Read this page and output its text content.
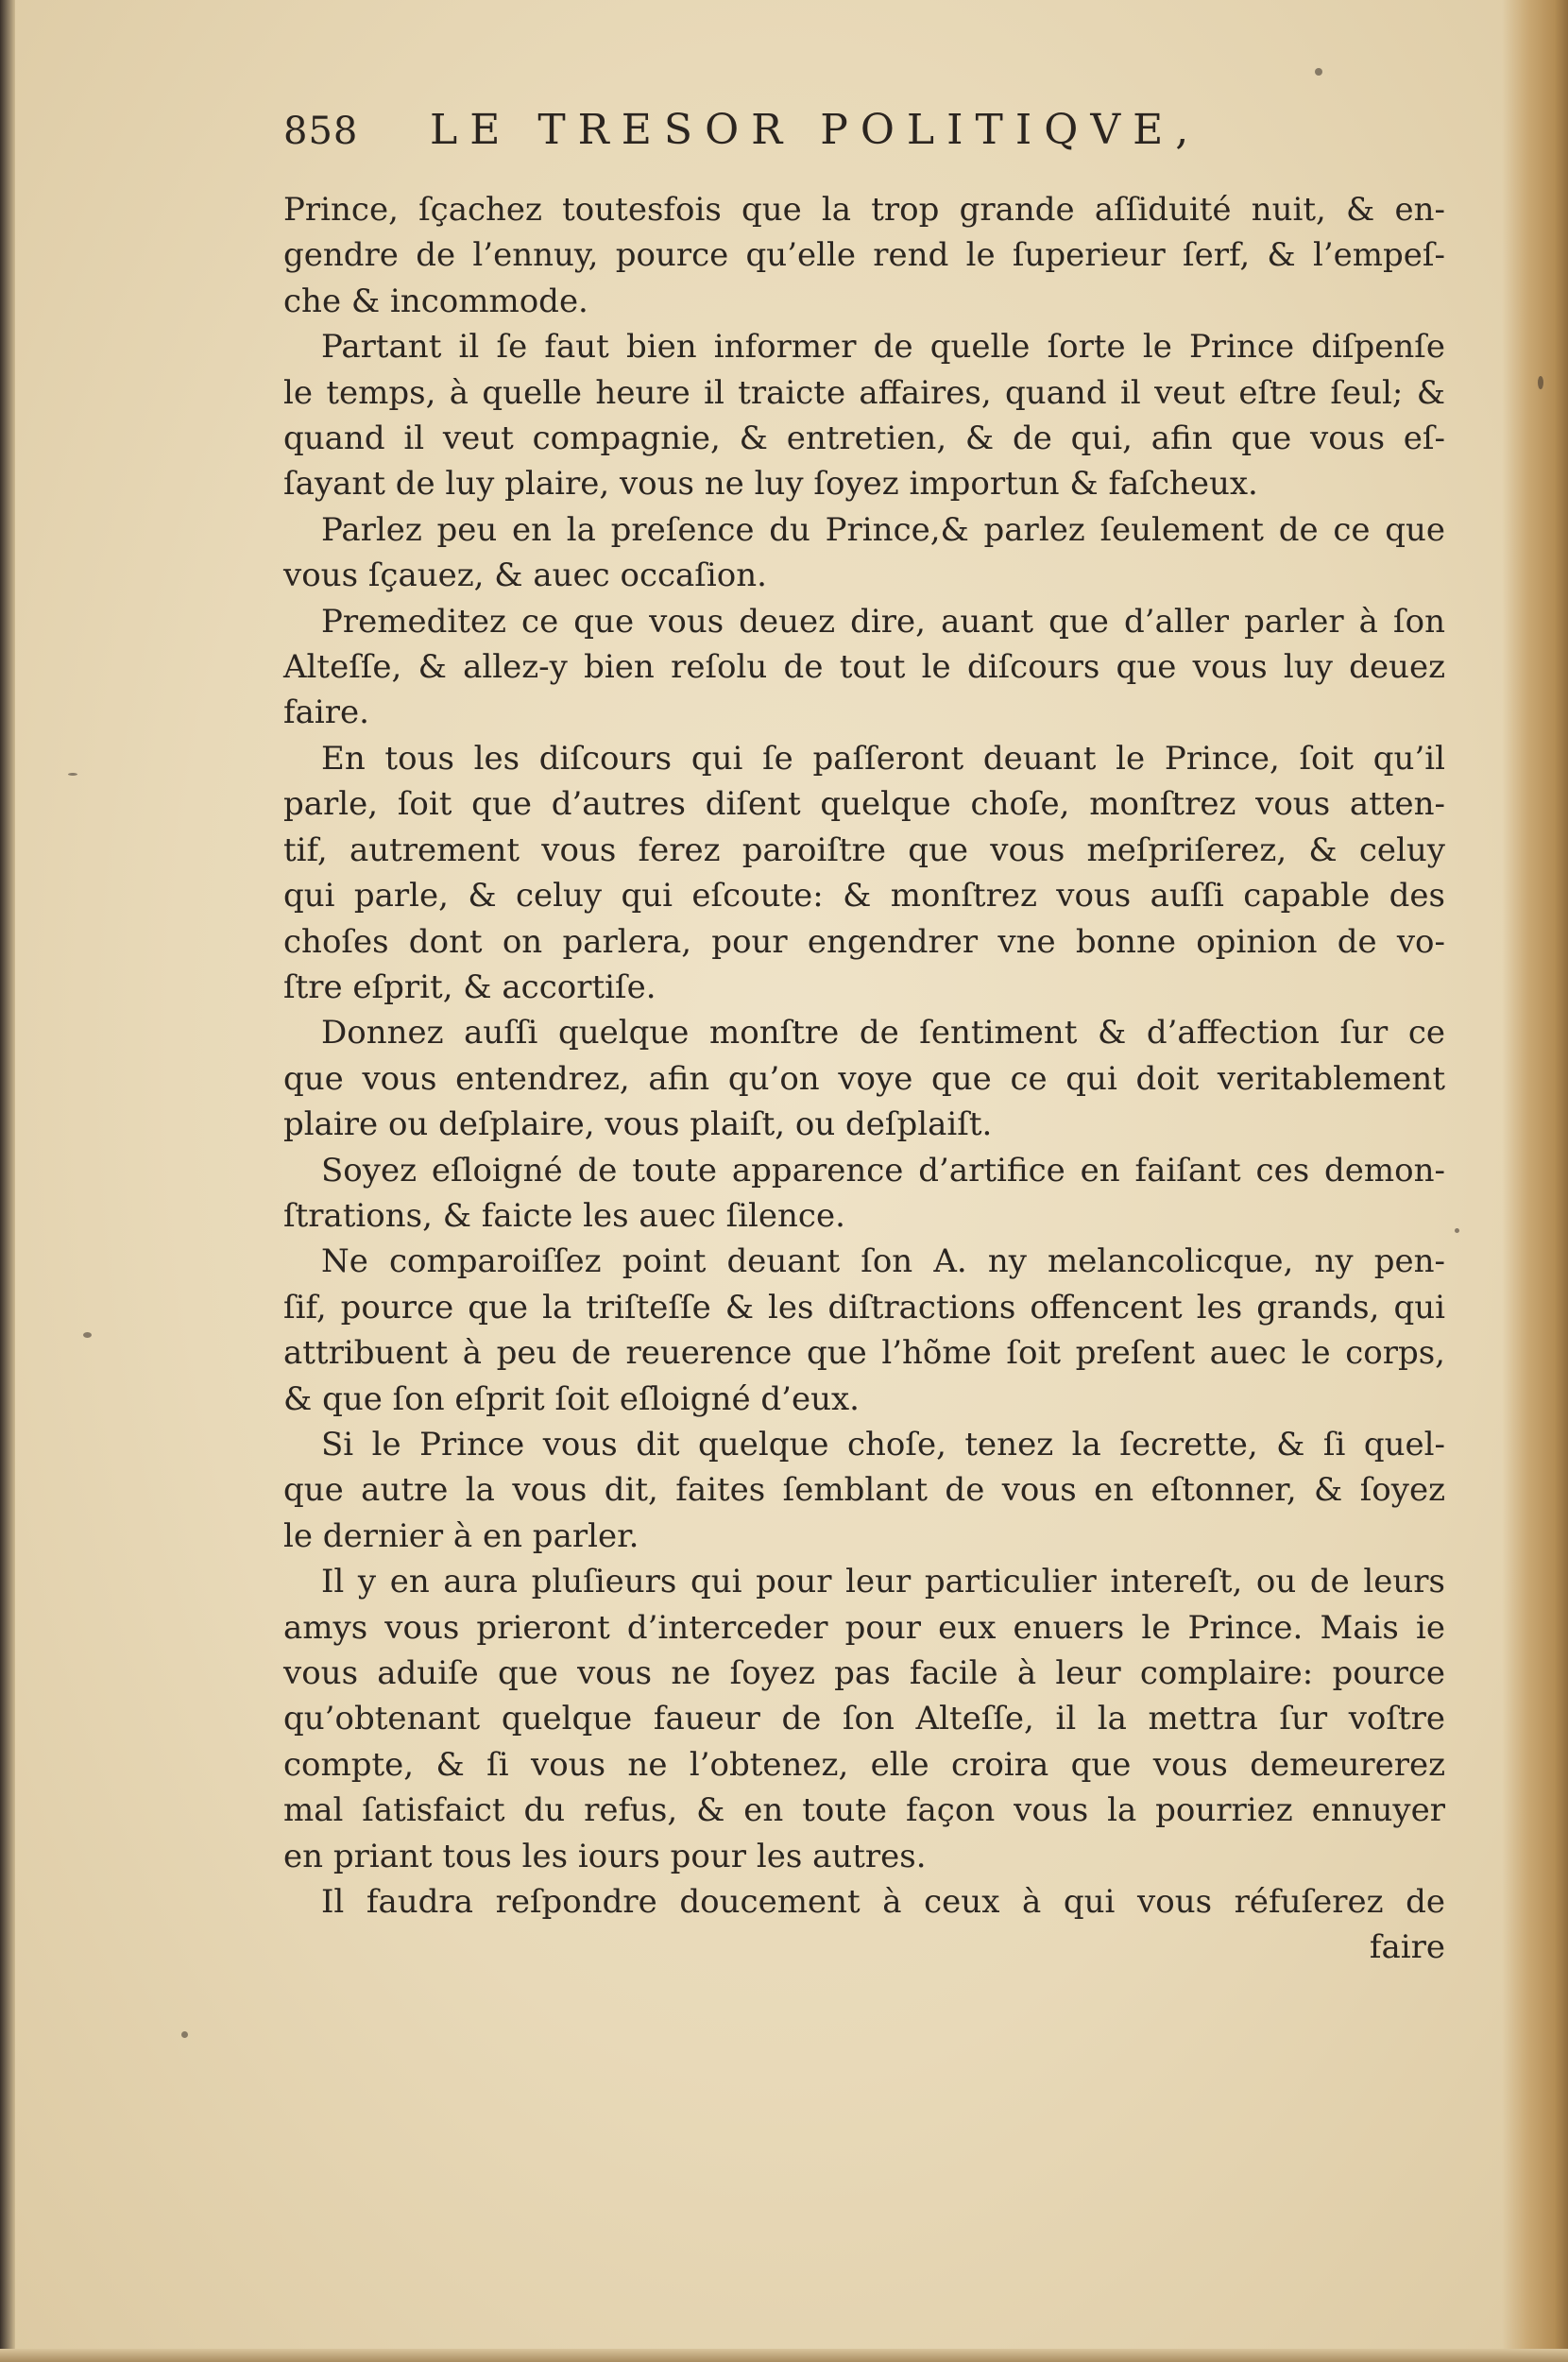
858	LE TRESOR POLITIQVE,
Prince, ſçachez toutesfois que la trop grande aſſiduité nuit, & en-
gendre de l’ennuy, pource qu’elle rend le ſuperieur ſerf, & l’empeſ-
che & incommode.
Partant il ſe faut bien informer de quelle ſorte le Prince diſpenſe
le temps, à quelle heure il traicte affaires, quand il veut eſtre ſeul; &
quand il veut compagnie, & entretien, & de qui, afin que vous eſ-
ſayant de luy plaire, vous ne luy ſoyez importun & faſcheux.
Parlez peu en la preſence du Prince,& parlez ſeulement de ce que
vous ſçauez, & auec occaſion.
Premeditez ce que vous deuez dire, auant que d’aller parler à ſon
Alteſſe, & allez-y bien reſolu de tout le diſcours que vous luy deuez
faire.
En tous les diſcours qui ſe paſſeront deuant le Prince, ſoit qu’il
parle, ſoit que d’autres diſent quelque choſe, monſtrez vous atten-
tif, autrement vous ferez paroiſtre que vous meſpriſerez, & celuy
qui parle, & celuy qui eſcoute: & monſtrez vous auſſi capable des
choſes dont on parlera, pour engendrer vne bonne opinion de vo-
ſtre eſprit, & accortiſe.
Donnez auſſi quelque monſtre de ſentiment & d’affection ſur ce
que vous entendrez, afin qu’on voye que ce qui doit veritablement
plaire ou deſplaire, vous plaiſt, ou deſplaiſt.
Soyez eſloigné de toute apparence d’artifice en faiſant ces demon-
ſtrations, & faicte les auec ſilence.
Ne comparoiſſez point deuant ſon A. ny melancolicque, ny pen-
ſif, pource que la triſteſſe & les diſtractions offencent les grands, qui
attribuent à peu de reuerence que l’hõme ſoit preſent auec le corps,
& que ſon eſprit ſoit eſloigné d’eux.
Si le Prince vous dit quelque choſe, tenez la ſecrette, & ſi quel-
que autre la vous dit, faites ſemblant de vous en eſtonner, & ſoyez
le dernier à en parler.
Il y en aura pluſieurs qui pour leur particulier intereſt, ou de leurs
amys vous prieront d’interceder pour eux enuers le Prince. Mais ie
vous aduiſe que vous ne ſoyez pas facile à leur complaire: pource
qu’obtenant quelque faueur de ſon Alteſſe, il la mettra ſur voſtre
compte, & ſi vous ne l’obtenez, elle croira que vous demeurerez
mal ſatisfaict du refus, & en toute façon vous la pourriez ennuyer
en priant tous les iours pour les autres.
Il faudra reſpondre doucement à ceux à qui vous réfuſerez de
faire
